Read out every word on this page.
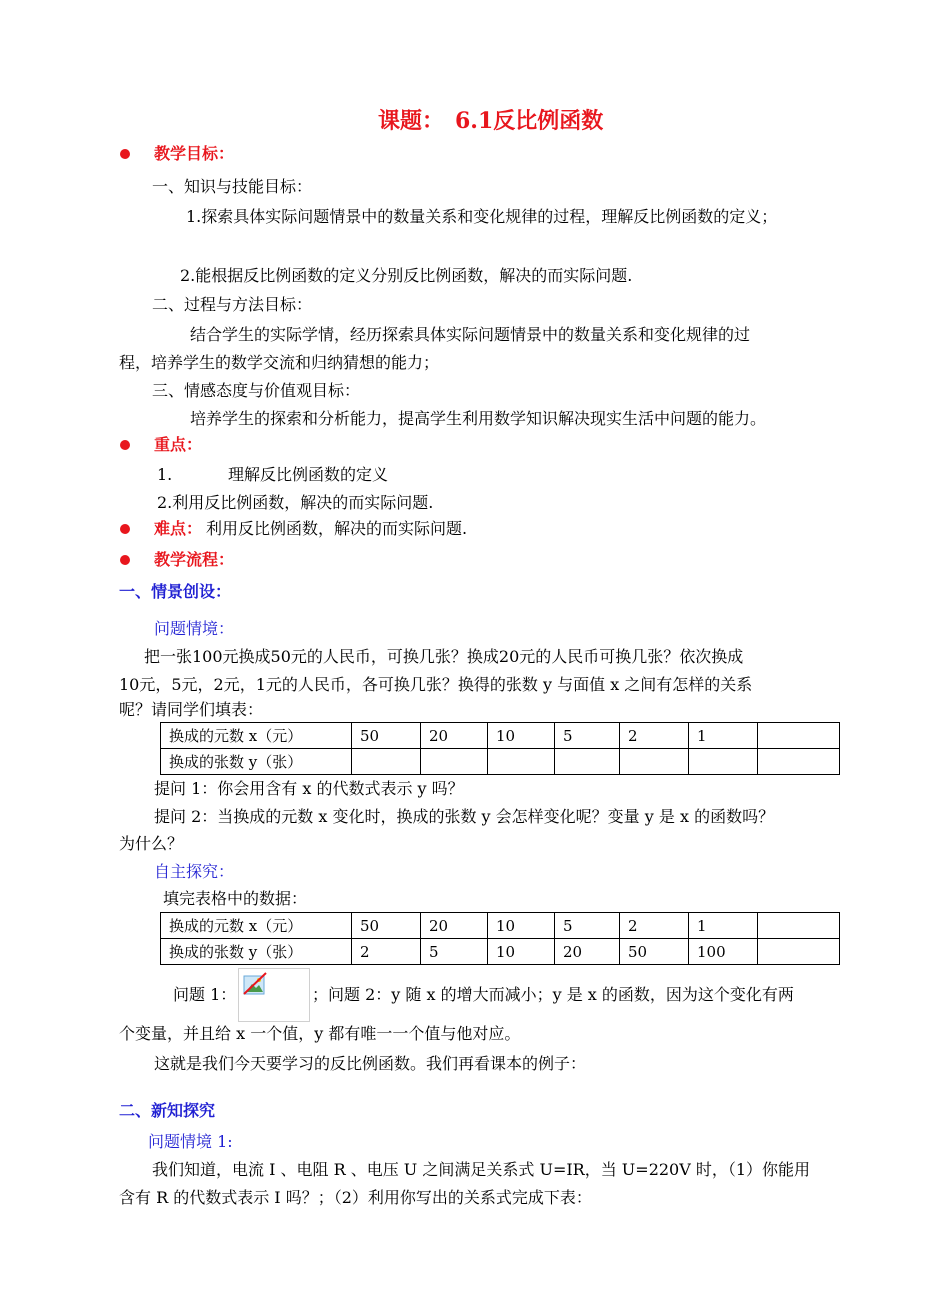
课题：　6.1反比例函数
教学目标：
一、知识与技能目标：
1.探索具体实际问题情景中的数量关系和变化规律的过程，理解反比例函数的定义；
2.能根据反比例函数的定义分别反比例函数，解决的而实际问题.
二、过程与方法目标：
结合学生的实际学情，经历探索具体实际问题情景中的数量关系和变化规律的过
程，培养学生的数学交流和归纳猜想的能力；
三、情感态度与价值观目标：
培养学生的探索和分析能力，提高学生利用数学知识解决现实生活中问题的能力。
重点：
1.	理解反比例函数的定义
2.利用反比例函数，解决的而实际问题.
难点： 利用反比例函数，解决的而实际问题.
教学流程：
一、情景创设：
问题情境：
把一张100元换成50元的人民币，可换几张？换成20元的人民币可换几张？依次换成
10元，5元，2元，1元的人民币，各可换几张？换得的张数 y 与面值 x 之间有怎样的关系
呢？请同学们填表：
换成的元数 x（元）	50	20	10	5	2	1	
换成的张数 y（张）							
提问 1：你会用含有 x 的代数式表示 y 吗？
提问 2：当换成的元数 x 变化时，换成的张数 y 会怎样变化呢？变量 y 是 x 的函数吗？
为什么？
自主探究：
填完表格中的数据：
换成的元数 x（元）	50	20	10	5	2	1	
换成的张数 y（张）	2	5	10	20	50	100	
问题 1：	；问题 2：y 随 x 的增大而减小；y 是 x 的函数，因为这个变化有两
个变量，并且给 x 一个值，y 都有唯一一个值与他对应。
这就是我们今天要学习的反比例函数。我们再看课本的例子：
二、新知探究
问题情境 1:
我们知道，电流 I 、电阻 R 、电压 U 之间满足关系式 U=IR，当 U=220V 时，（1）你能用
含有 R 的代数式表示 I 吗？；（2）利用你写出的关系式完成下表：
